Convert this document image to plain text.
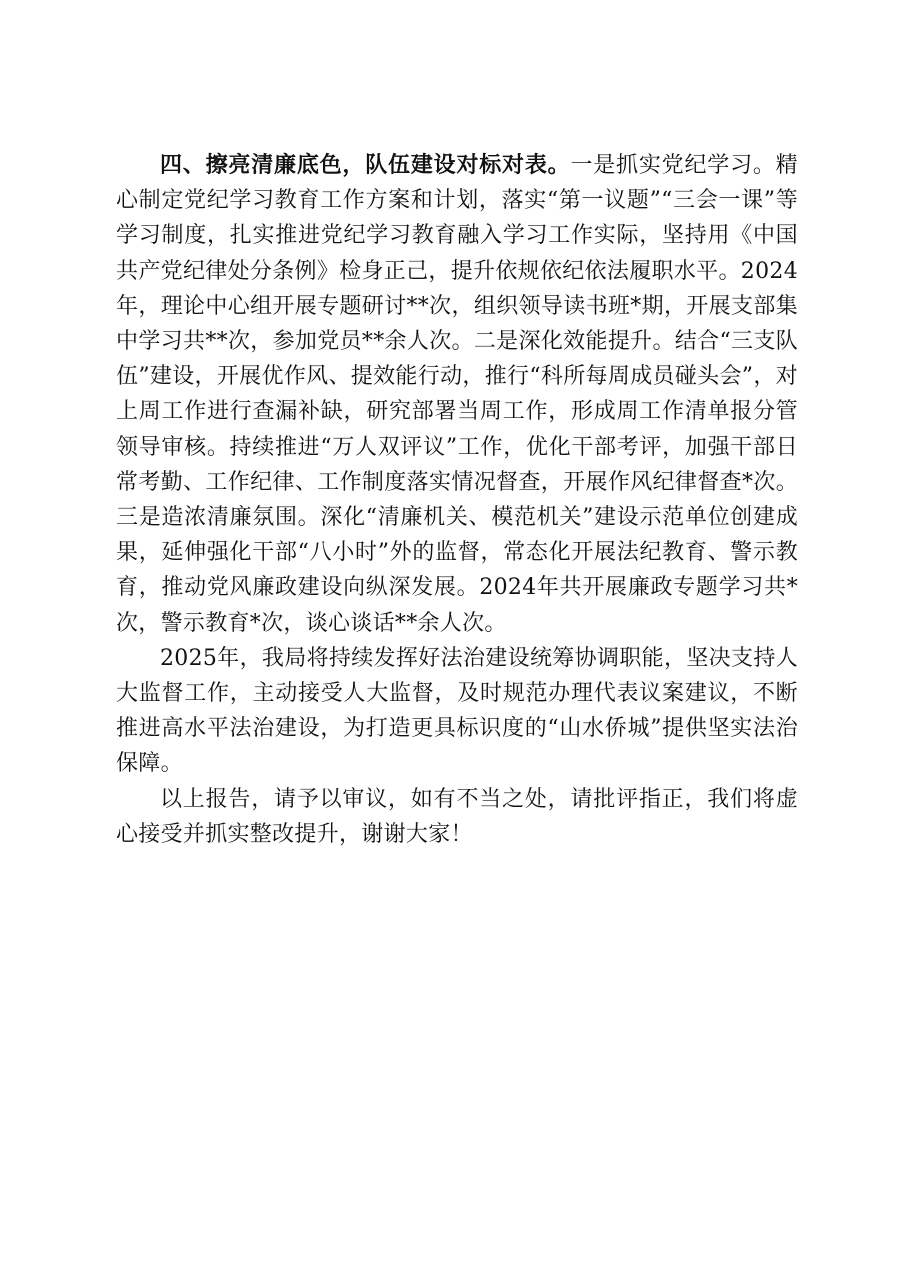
四、擦亮清廉底色，队伍建设对标对表。一是抓实党纪学习。精心制定党纪学习教育工作方案和计划，落实“第一议题”“三会一课”等学习制度，扎实推进党纪学习教育融入学习工作实际，坚持用《中国共产党纪律处分条例》检身正己，提升依规依纪依法履职水平。2024年，理论中心组开展专题研讨**次，组织领导读书班*期，开展支部集中学习共**次，参加党员**余人次。二是深化效能提升。结合“三支队伍”建设，开展优作风、提效能行动，推行“科所每周成员碰头会”，对上周工作进行查漏补缺，研究部署当周工作，形成周工作清单报分管领导审核。持续推进“万人双评议”工作，优化干部考评，加强干部日常考勤、工作纪律、工作制度落实情况督查，开展作风纪律督查*次。三是造浓清廉氛围。深化“清廉机关、模范机关”建设示范单位创建成果，延伸强化干部“八小时”外的监督，常态化开展法纪教育、警示教育，推动党风廉政建设向纵深发展。2024年共开展廉政专题学习共*次，警示教育*次，谈心谈话**余人次。

2025年，我局将持续发挥好法治建设统筹协调职能，坚决支持人大监督工作，主动接受人大监督，及时规范办理代表议案建议，不断推进高水平法治建设，为打造更具标识度的“山水侨城”提供坚实法治保障。

以上报告，请予以审议，如有不当之处，请批评指正，我们将虚心接受并抓实整改提升，谢谢大家！
